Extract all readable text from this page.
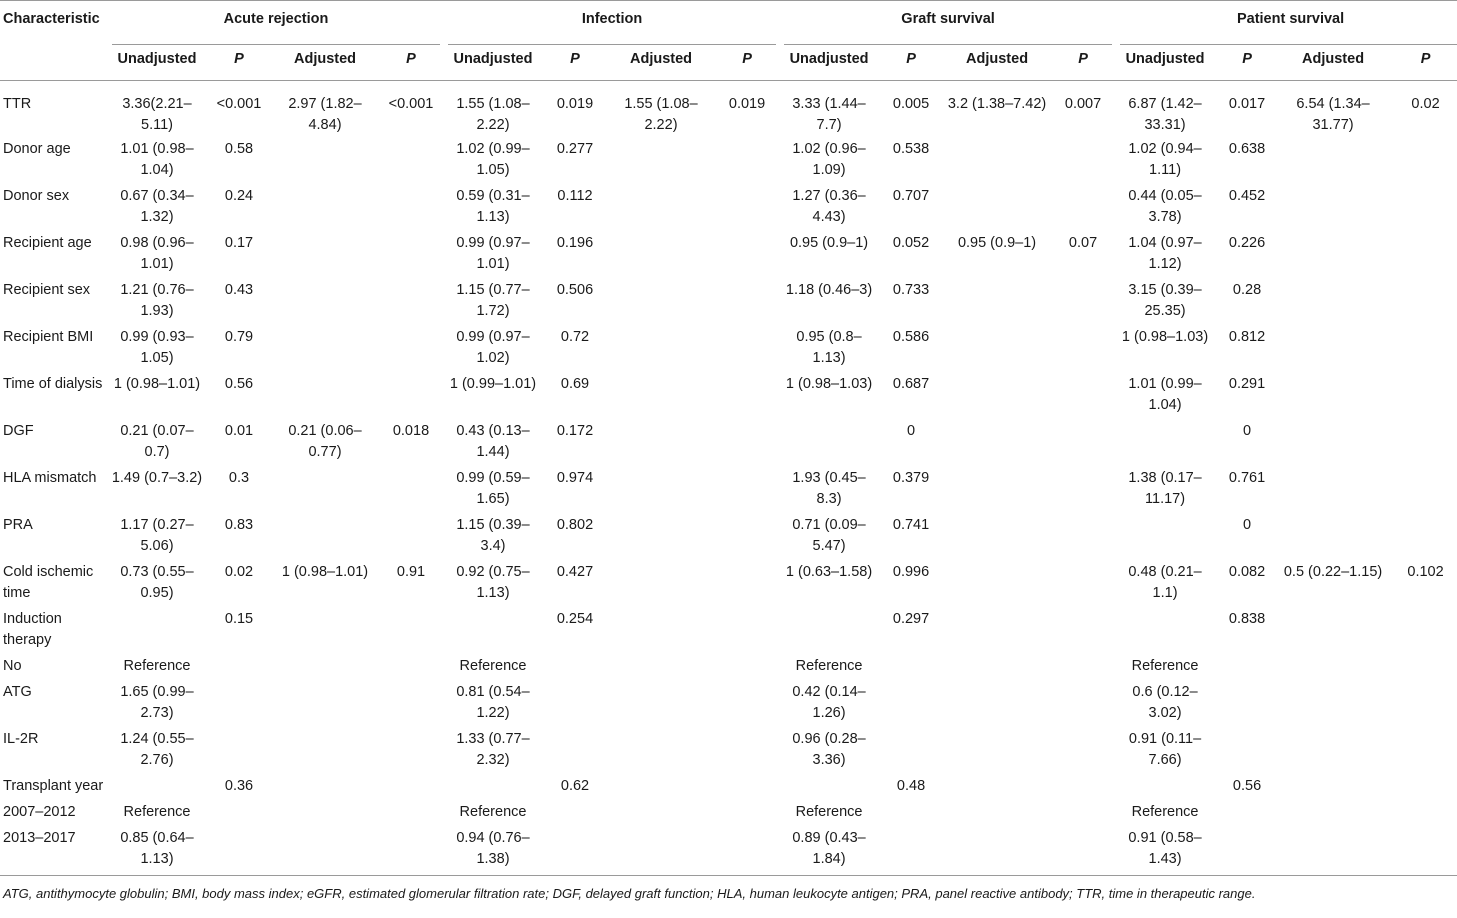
Characteristic	Acute rejection				Infection				Graft survival				Patient survival			

	Unadjusted	P	Adjusted	P	Unadjusted	P	Adjusted	P	Unadjusted	P	Adjusted	P	Unadjusted	P	Adjusted	P
TTR	3.36(2.21–5.11)	<0.001	2.97 (1.82–4.84)	<0.001	1.55 (1.08–2.22)	0.019	1.55 (1.08–2.22)	0.019	3.33 (1.44–7.7)	0.005	3.2 (1.38–7.42)	0.007	6.87 (1.42–33.31)	0.017	6.54 (1.34–31.77)	0.02
Donor age	1.01 (0.98–1.04)	0.58			1.02 (0.99–1.05)	0.277			1.02 (0.96–1.09)	0.538			1.02 (0.94–1.11)	0.638		
Donor sex	0.67 (0.34–1.32)	0.24			0.59 (0.31–1.13)	0.112			1.27 (0.36–4.43)	0.707			0.44 (0.05–3.78)	0.452		
Recipient age	0.98 (0.96–1.01)	0.17			0.99 (0.97–1.01)	0.196			0.95 (0.9–1)	0.052	0.95 (0.9–1)	0.07	1.04 (0.97–1.12)	0.226		
Recipient sex	1.21 (0.76–1.93)	0.43			1.15 (0.77–1.72)	0.506			1.18 (0.46–3)	0.733			3.15 (0.39–25.35)	0.28		
Recipient BMI	0.99 (0.93–1.05)	0.79			0.99 (0.97–1.02)	0.72			0.95 (0.8–1.13)	0.586			1 (0.98–1.03)	0.812		
Time of dialysis	1 (0.98–1.01)	0.56			1 (0.99–1.01)	0.69			1 (0.98–1.03)	0.687			1.01 (0.99–1.04)	0.291		
DGF	0.21 (0.07–0.7)	0.01	0.21 (0.06–0.77)	0.018	0.43 (0.13–1.44)	0.172				0				0		
HLA mismatch	1.49 (0.7–3.2)	0.3			0.99 (0.59–1.65)	0.974			1.93 (0.45–8.3)	0.379			1.38 (0.17–11.17)	0.761		
PRA	1.17 (0.27–5.06)	0.83			1.15 (0.39–3.4)	0.802			0.71 (0.09–5.47)	0.741				0		
Cold ischemic time	0.73 (0.55–0.95)	0.02	1 (0.98–1.01)	0.91	0.92 (0.75–1.13)	0.427			1 (0.63–1.58)	0.996			0.48 (0.21–1.1)	0.082	0.5 (0.22–1.15)	0.102
Induction therapy		0.15				0.254				0.297				0.838		
No	Reference				Reference				Reference				Reference			
ATG	1.65 (0.99–2.73)				0.81 (0.54–1.22)				0.42 (0.14–1.26)				0.6 (0.12–3.02)			
IL-2R	1.24 (0.55–2.76)				1.33 (0.77–2.32)				0.96 (0.28–3.36)				0.91 (0.11–7.66)			
Transplant year		0.36				0.62				0.48				0.56		
2007–2012	Reference				Reference				Reference				Reference			
2013–2017	0.85 (0.64–1.13)				0.94 (0.76–1.38)				0.89 (0.43–1.84)				0.91 (0.58–1.43)			
ATG, antithymocyte globulin; BMI, body mass index; eGFR, estimated glomerular filtration rate; DGF, delayed graft function; HLA, human leukocyte antigen; PRA, panel reactive antibody; TTR, time in therapeutic range.																
